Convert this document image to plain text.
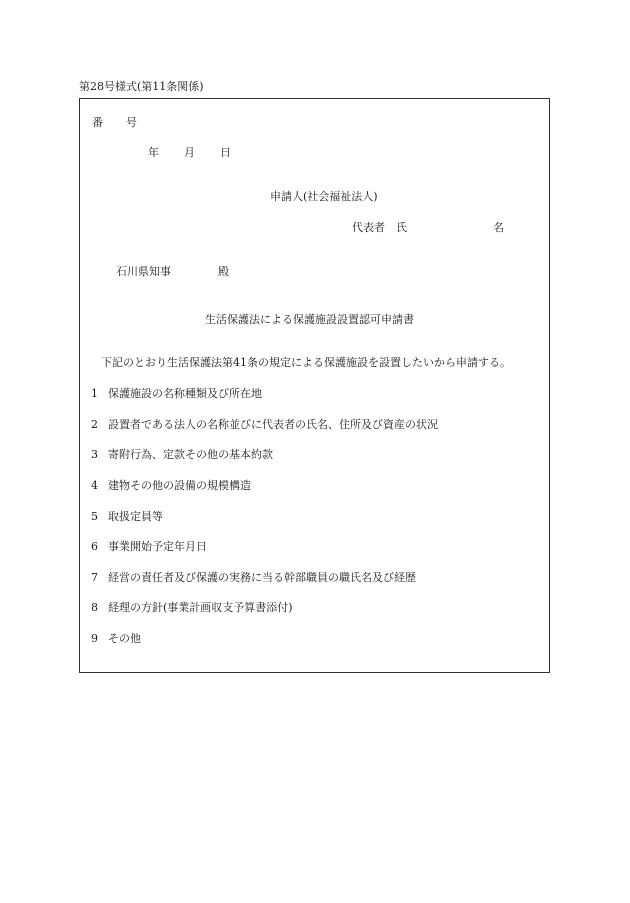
第28号様式(第11条関係)
番 号
年 月 日
申請人(社会福祉法人)
代表者　氏	名
石川県知事	殿
生活保護法による保護施設設置認可申請書
下記のとおり生活保護法第41条の規定による保護施設を設置したいから申請する。
1 保護施設の名称種類及び所在地
2 設置者である法人の名称並びに代表者の氏名、住所及び資産の状況
3 寄附行為、定款その他の基本約款
4 建物その他の設備の規模構造
5 取扱定員等
6 事業開始予定年月日
7 経営の責任者及び保護の実務に当る幹部職員の職氏名及び経歴
8 経理の方針(事業計画収支予算書添付)
9 その他
